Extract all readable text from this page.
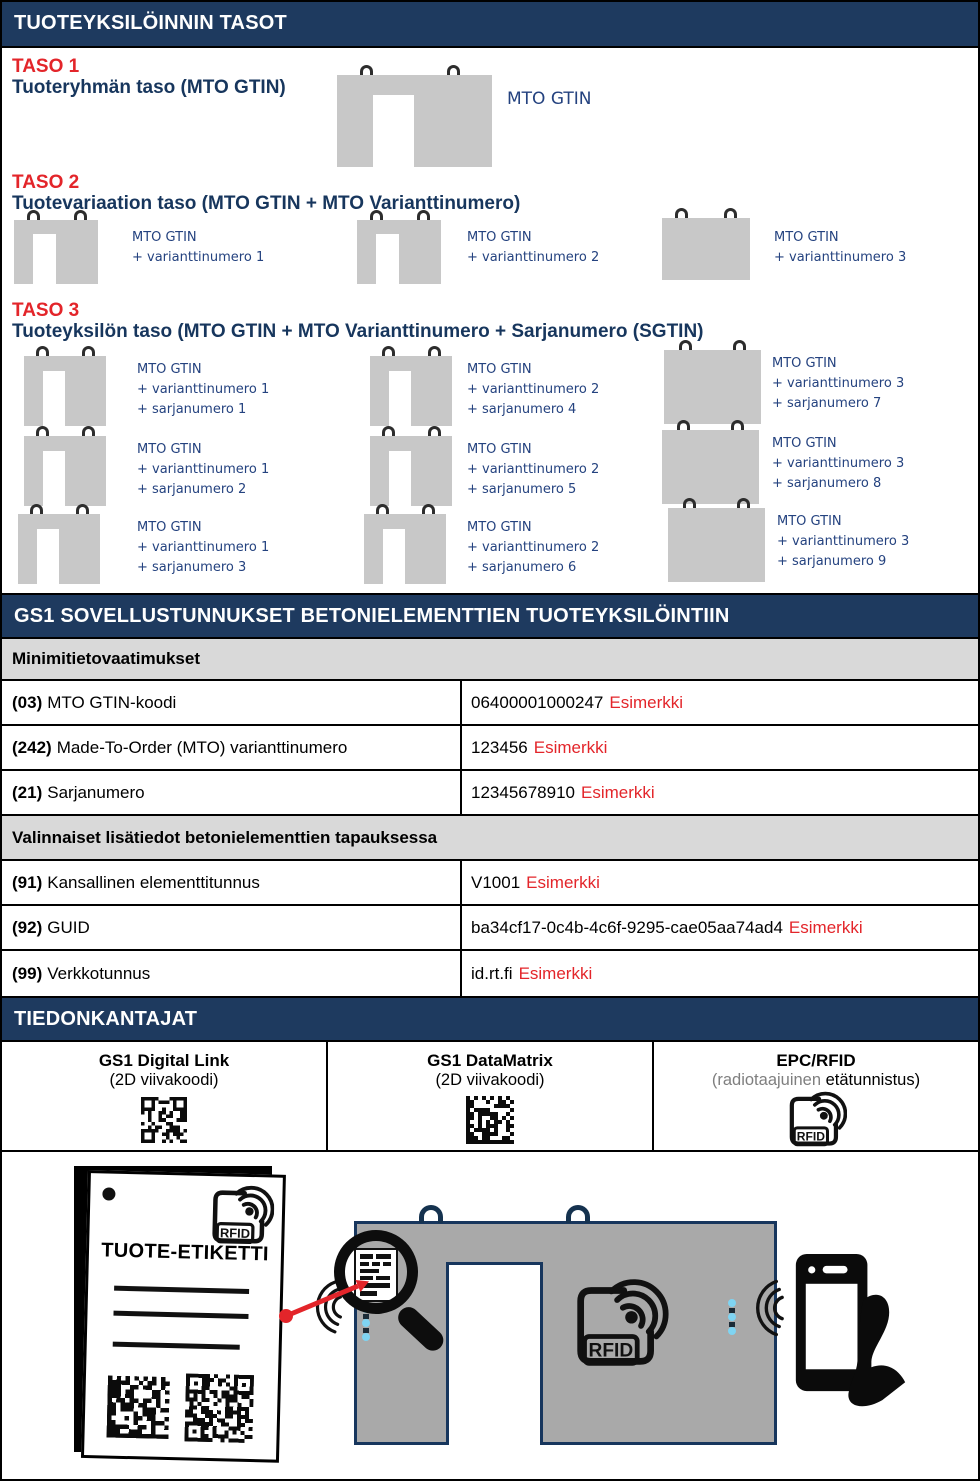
TUOTEYKSILÖINNIN TASOT
TASO 1
Tuoteryhmän taso (MTO GTIN)
MTO GTIN
TASO 2
Tuotevariaation taso (MTO GTIN + MTO Varianttinumero)
MTO GTIN
+ varianttinumero 1
MTO GTIN
+ varianttinumero 2
MTO GTIN
+ varianttinumero 3
TASO 3
Tuoteyksilön taso (MTO GTIN + MTO Varianttinumero + Sarjanumero (SGTIN)
MTO GTIN
+ varianttinumero 1
+ sarjanumero 1
MTO GTIN
+ varianttinumero 2
+ sarjanumero 4
MTO GTIN
+ varianttinumero 3
+ sarjanumero 7
MTO GTIN
+ varianttinumero 1
+ sarjanumero 2
MTO GTIN
+ varianttinumero 2
+ sarjanumero 5
MTO GTIN
+ varianttinumero 3
+ sarjanumero 8
MTO GTIN
+ varianttinumero 1
+ sarjanumero 3
MTO GTIN
+ varianttinumero 2
+ sarjanumero 6
MTO GTIN
+ varianttinumero 3
+ sarjanumero 9
GS1 SOVELLUSTUNNUKSET BETONIELEMENTTIEN TUOTEYKSILÖINTIIN
Minimitietovaatimukset
(03) MTO GTIN-koodi	06400001000247 Esimerkki
(242) Made-To-Order (MTO) varianttinumero	123456 Esimerkki
(21) Sarjanumero	12345678910 Esimerkki
Valinnaiset lisätiedot betonielementtien tapauksessa
(91) Kansallinen elementtitunnus	V1001 Esimerkki
(92) GUID	ba34cf17-0c4b-4c6f-9295-cae05aa74ad4 Esimerkki
(99) Verkkotunnus	id.rt.fi Esimerkki
TIEDONKANTAJAT
GS1 Digital Link
(2D viivakoodi)
GS1 DataMatrix
(2D viivakoodi)
EPC/RFID
(radiotaajuinen etätunnistus)
RFID
RFID
RFID
TUOTE-ETIKETTI
